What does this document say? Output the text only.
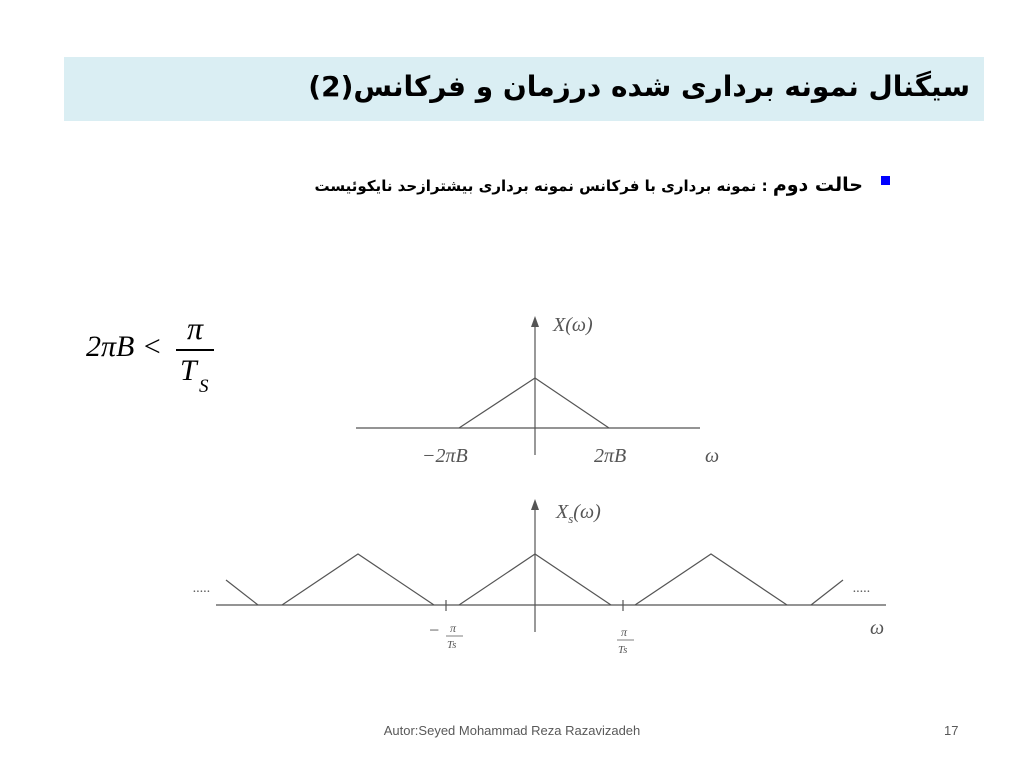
سیگنال نمونه برداری شده درزمان و فرکانس(2)
حالت دوم : نمونه برداری با فرکانس نمونه برداری بیشترازحد نایکوئیست
2πB <
π
T S
X(ω)
−2πB	2πB	ω
$X_s(\omega)$
.....	.....
ω
− π
Ts
π
Ts
Autor:Seyed Mohammad Reza Razavizadeh	17
